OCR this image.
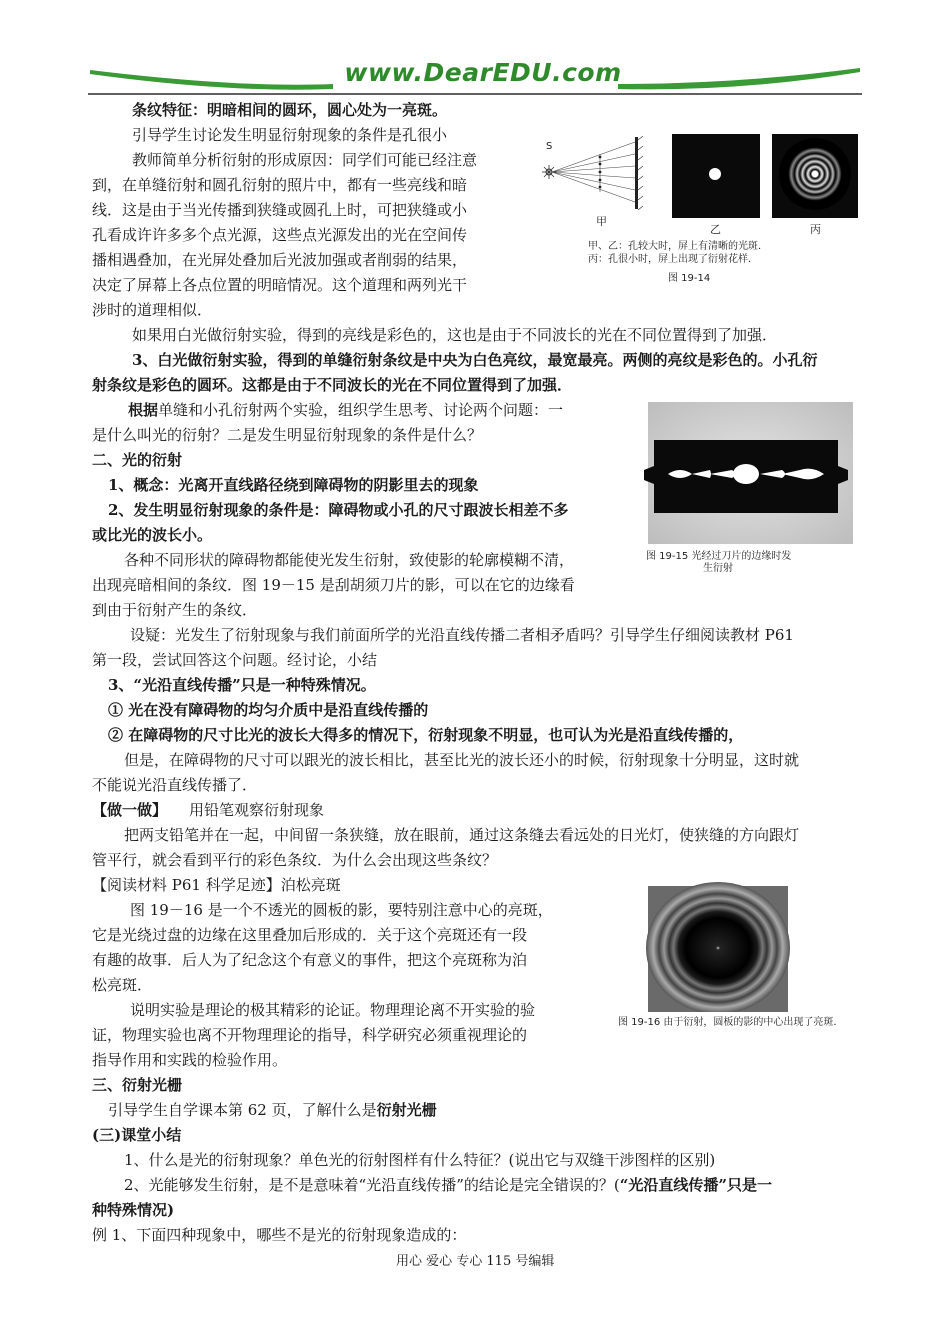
www.DearEDU.com
条纹特征：明暗相间的圆环，圆心处为一亮斑。
引导学生讨论发生明显衍射现象的条件是孔很小
教师简单分析衍射的形成原因：同学们可能已经注意
到，在单缝衍射和圆孔衍射的照片中，都有一些亮线和暗
线．这是由于当光传播到狭缝或圆孔上时，可把狭缝或小
孔看成许许多多个点光源，这些点光源发出的光在空间传
播相遇叠加，在光屏处叠加后光波加强或者削弱的结果，
决定了屏幕上各点位置的明暗情况。这个道理和两列光干
涉时的道理相似．
如果用白光做衍射实验，得到的亮线是彩色的，这也是由于不同波长的光在不同位置得到了加强．
3、白光做衍射实验，得到的单缝衍射条纹是中央为白色亮纹，最宽最亮。两侧的亮纹是彩色的。小孔衍
射条纹是彩色的圆环。这都是由于不同波长的光在不同位置得到了加强．
根据单缝和小孔衍射两个实验，组织学生思考、讨论两个问题：一
是什么叫光的衍射？二是发生明显衍射现象的条件是什么？
二、光的衍射
1、概念：光离开直线路径绕到障碍物的阴影里去的现象
2、发生明显衍射现象的条件是：障碍物或小孔的尺寸跟波长相差不多
或比光的波长小。
各种不同形状的障碍物都能使光发生衍射，致使影的轮廓模糊不清，
出现亮暗相间的条纹．图 19－15 是刮胡须刀片的影，可以在它的边缘看
到由于衍射产生的条纹．
设疑：光发生了衍射现象与我们前面所学的光沿直线传播二者相矛盾吗？引导学生仔细阅读教材 P61
第一段，尝试回答这个问题。经讨论，小结
3、“光沿直线传播”只是一种特殊情况。
① 光在没有障碍物的均匀介质中是沿直线传播的
② 在障碍物的尺寸比光的波长大得多的情况下，衍射现象不明显，也可认为光是沿直线传播的，
但是，在障碍物的尺寸可以跟光的波长相比，甚至比光的波长还小的时候，衍射现象十分明显，这时就
不能说光沿直线传播了．
【做一做】 用铅笔观察衍射现象
把两支铅笔并在一起，中间留一条狭缝，放在眼前，通过这条缝去看远处的日光灯，使狭缝的方向跟灯
管平行，就会看到平行的彩色条纹．为什么会出现这些条纹？
【阅读材料 P61 科学足迹】泊松亮斑
图 19－16 是一个不透光的圆板的影，要特别注意中心的亮斑，
它是光绕过盘的边缘在这里叠加后形成的．关于这个亮斑还有一段
有趣的故事．后人为了纪念这个有意义的事件，把这个亮斑称为泊
松亮斑．
说明实验是理论的极其精彩的论证。物理理论离不开实验的验
证，物理实验也离不开物理理论的指导，科学研究必须重视理论的
指导作用和实践的检验作用。
三、衍射光栅
引导学生自学课本第 62 页，了解什么是衍射光栅
(三)课堂小结
1、什么是光的衍射现象？单色光的衍射图样有什么特征？(说出它与双缝干涉图样的区别)
2、光能够发生衍射，是不是意味着“光沿直线传播”的结论是完全错误的？(“光沿直线传播”只是一
种特殊情况)
例 1、下面四种现象中，哪些不是光的衍射现象造成的：
S
甲
乙	丙
甲、乙：孔较大时，屏上有清晰的光斑．
丙：孔很小时，屏上出现了衍射花样．
图 19-14
图 19-15 光经过刀片的边缘时发
生衍射
图 19-16 由于衍射，圆板的影的中心出现了亮斑．
用心 爱心 专心 115 号编辑
